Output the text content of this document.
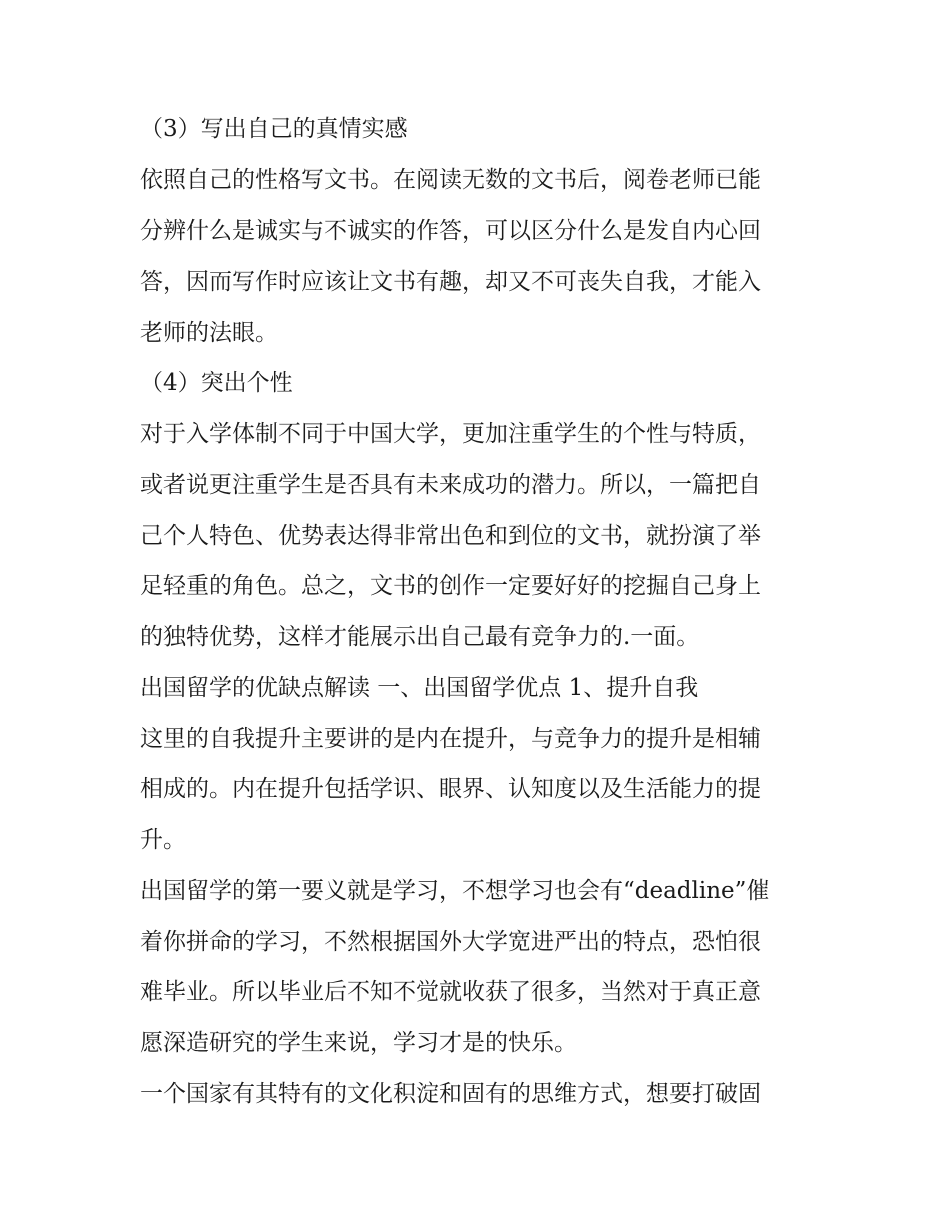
（3）写出自己的真情实感
依照自己的性格写文书。在阅读无数的文书后，阅卷老师已能
分辨什么是诚实与不诚实的作答，可以区分什么是发自内心回
答，因而写作时应该让文书有趣，却又不可丧失自我，才能入
老师的法眼。
（4）突出个性
对于入学体制不同于中国大学，更加注重学生的个性与特质，
或者说更注重学生是否具有未来成功的潜力。所以，一篇把自
己个人特色、优势表达得非常出色和到位的文书，就扮演了举
足轻重的角色。总之，文书的创作一定要好好的挖掘自己身上
的独特优势，这样才能展示出自己最有竞争力的.一面。
出国留学的优缺点解读 一、出国留学优点 1、提升自我
这里的自我提升主要讲的是内在提升，与竞争力的提升是相辅
相成的。内在提升包括学识、眼界、认知度以及生活能力的提
升。
出国留学的第一要义就是学习，不想学习也会有“deadline”催
着你拼命的学习，不然根据国外大学宽进严出的特点，恐怕很
难毕业。所以毕业后不知不觉就收获了很多，当然对于真正意
愿深造研究的学生来说，学习才是的快乐。
一个国家有其特有的文化积淀和固有的思维方式，想要打破固
